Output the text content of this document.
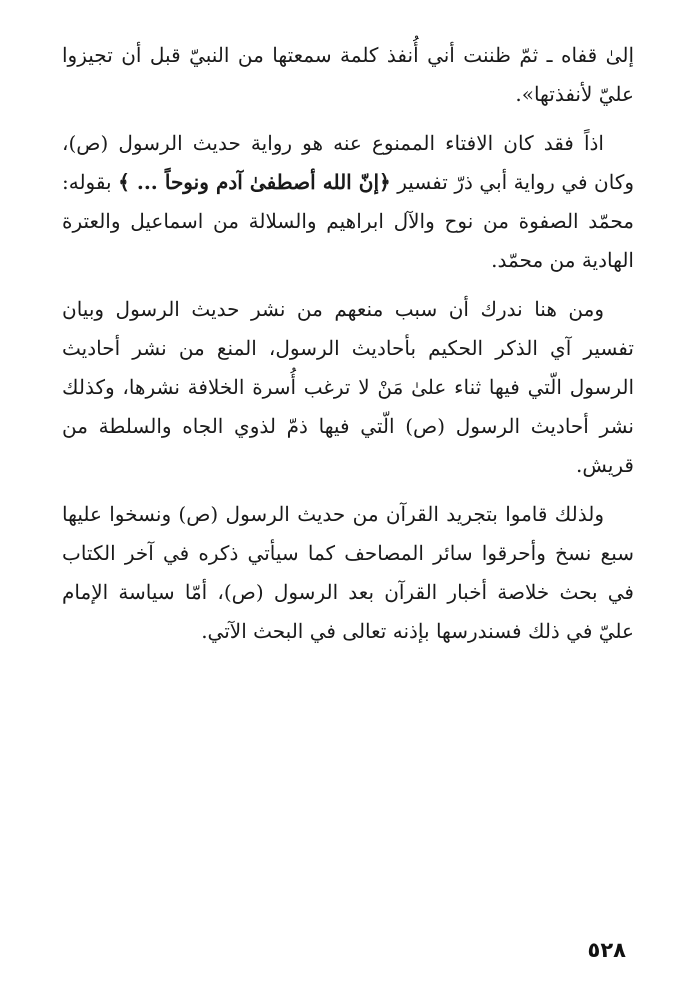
إلىٰ قفاه ـ ثمّ ظننت أني أُنفذ كلمة سمعتها من النبيّ قبل أن تجيزوا عليّ لأنفذتها».

اذاً فقد كان الافتاء الممنوع عنه هو رواية حديث الرسول (ص)، وكان في رواية أبي ذرّ تفسير ﴿إنّ الله أصطفىٰ آدم ونوحاً ... ﴾ بقوله: محمّد الصفوة من نوح والآل ابراهيم والسلالة من اسماعيل والعترة الهادية من محمّد.

ومن هنا ندرك أن سبب منعهم من نشر حديث الرسول وبيان تفسير آي الذكر الحكيم بأحاديث الرسول، المنع من نشر أحاديث الرسول الّتي فيها ثناء علىٰ مَنْ لا ترغب أُسرة الخلافة نشرها، وكذلك نشر أحاديث الرسول (ص) الّتي فيها ذمّ لذوي الجاه والسلطة من قريش.

ولذلك قاموا بتجريد القرآن من حديث الرسول (ص) ونسخوا عليها سبع نسخ وأحرقوا سائر المصاحف كما سيأتي ذكره في آخر الكتاب في بحث خلاصة أخبار القرآن بعد الرسول (ص)، أمّا سياسة الإمام عليّ في ذلك فسندرسها بإذنه تعالى في البحث الآتي.

٥٢٨
